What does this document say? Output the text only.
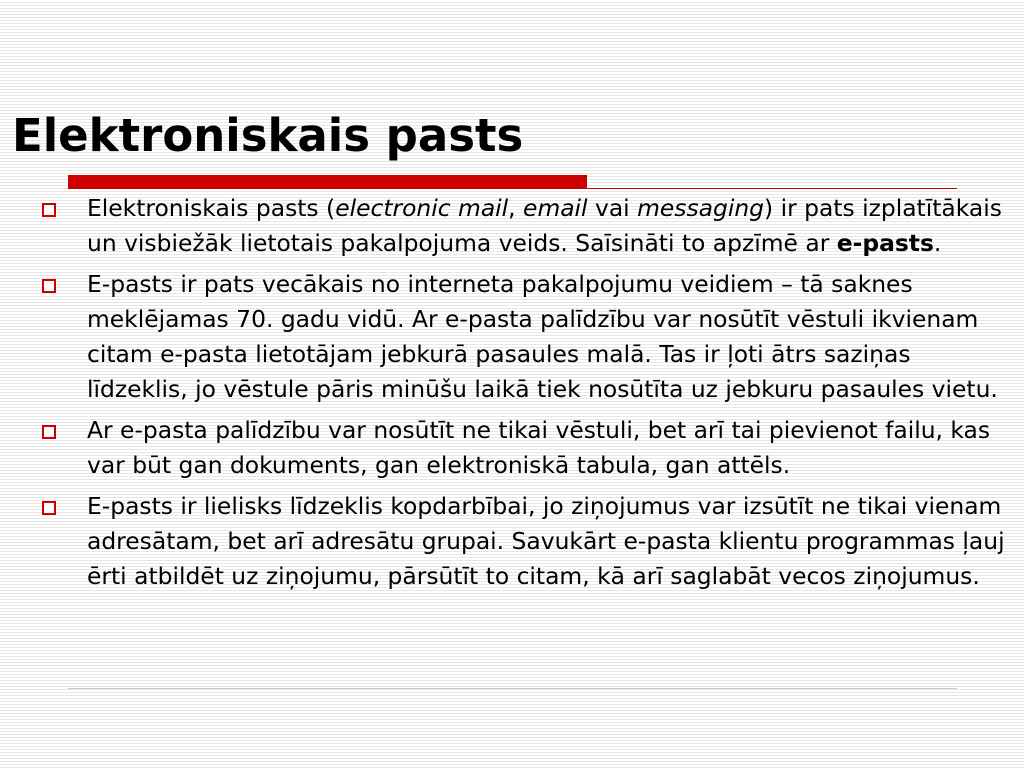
Elektroniskais pasts
Elektroniskais pasts (electronic mail, email vai messaging) ir pats izplatītākais un visbiežāk lietotais pakalpojuma veids. Saīsināti to apzīmē ar e-pasts.
E-pasts ir pats vecākais no interneta pakalpojumu veidiem – tā saknes meklējamas 70. gadu vidū. Ar e-pasta palīdzību var nosūtīt vēstuli ikvienam citam e-pasta lietotājam jebkurā pasaules malā. Tas ir ļoti ātrs saziņas līdzeklis, jo vēstule pāris minūšu laikā tiek nosūtīta uz jebkuru pasaules vietu.
Ar e-pasta palīdzību var nosūtīt ne tikai vēstuli, bet arī tai pievienot failu, kas var būt gan dokuments, gan elektroniskā tabula, gan attēls.
E-pasts ir lielisks līdzeklis kopdarbībai, jo ziņojumus var izsūtīt ne tikai vienam adresātam, bet arī adresātu grupai. Savukārt e-pasta klientu programmas ļauj ērti atbildēt uz ziņojumu, pārsūtīt to citam, kā arī saglabāt vecos ziņojumus.
